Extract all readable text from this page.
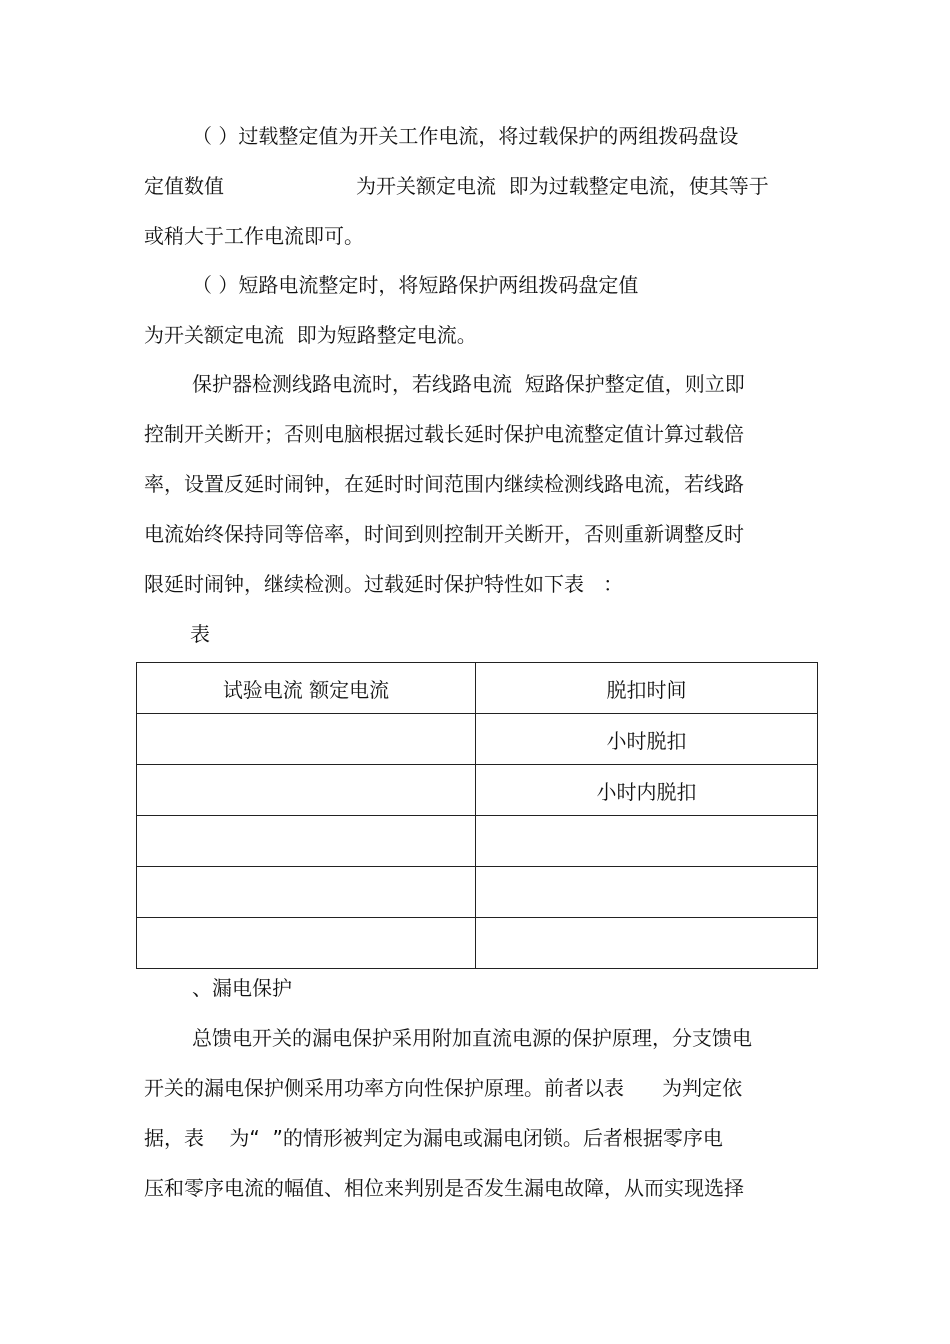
（ ）过载整定值为开关工作电流，将过载保护的两组拨码盘设
定值数值	为开关额定电流  即为过载整定电流，使其等于
或稍大于工作电流即可。
（ ）短路电流整定时，将短路保护两组拨码盘定值
为开关额定电流  即为短路整定电流。
保护器检测线路电流时，若线路电流  短路保护整定值，则立即
控制开关断开；否则电脑根据过载长延时保护电流整定值计算过载倍
率，设置反延时闹钟，在延时时间范围内继续检测线路电流，若线路
电流始终保持同等倍率，时间到则控制开关断开，否则重新调整反时
限延时闹钟，继续检测。过载延时保护特性如下表   ：
表
试验电流 额定电流	脱扣时间
	小时脱扣
	小时内脱扣

、漏电保护
总馈电开关的漏电保护采用附加直流电源的保护原理，分支馈电
开关的漏电保护侧采用功率方向性保护原理。前者以表      为判定依
据，表    为“  ”的情形被判定为漏电或漏电闭锁。后者根据零序电
压和零序电流的幅值、相位来判别是否发生漏电故障，从而实现选择
